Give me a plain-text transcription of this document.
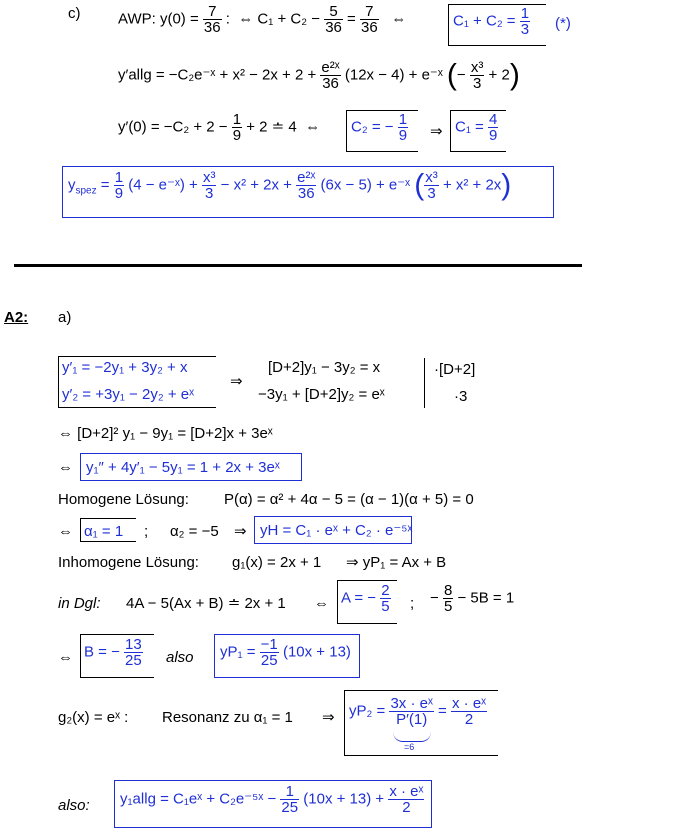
c)	AWP: $y(0) = \frac{7}{36}$ : ⇔ $C_1 + C_2 - \frac{5}{36} = \frac{7}{36}$ ⇔	$C_1 + C_2 = \frac{1}{3}$ (*)
y′allg = −C₂e⁻ˣ + $x^2 - 2x + 2 + \frac{\text{e²ˣ}}{36} (12x - 4)$ + e⁻ˣ (− $\frac{\text{x³}}{3} + 2$)
$y'(0) = -C_2 + 2 - \frac{1}{9} + 2$ ≐ 4 ⇔ C₂ = − $\frac{1}{9}$ ⇒ $C_1 = \frac{4}{9}$
$y_{spez} = \frac{1}{9} (4$ − e⁻ˣ) + $\frac{\text{x³}}{3} - x^2 + 2x + \frac{\text{e²ˣ}}{36} (6x - 5)$ + e⁻ˣ ( $\frac{\text{x³}}{3} + x^2 + 2x$)
A2: a)
y′₁ = −2y₁ + 3y₂ + x
y′₂ = +3y₁ − 2y₂ + eˣ
⇒
[D+2]y₁ − 3y₂ = x
−3y₁ + [D+2]y₂ = eˣ
·[D+2]
·3
⇔ [D+2]² y₁ − 9y₁ = [D+2]x + 3eˣ
⇔ y₁″ + 4y′₁ − 5y₁ = 1 + 2x + 3eˣ
Homogene Lösung: P(α) = α² + 4α − 5 = (α − 1)(α + 5) = 0
⇔ α₁ = 1 ; α₂ = −5 ⇒ yH = C₁ · eˣ + C₂ · e⁻⁵ˣ
Inhomogene Lösung: g₁(x) = 2x + 1 ⇒ yP₁ = Ax + B
in Dgl: 4A − 5(Ax + B) ≐ 2x + 1 ⇔ A = − $\frac{2}{5}$ ; − $\frac{8}{5} - 5B = 1$
⇔ B = − $\frac{13}{25}$ also $yP_1 = \frac{-1}{25} (10x + 13)$
g₂(x) = eˣ : Resonanz zu α₁ = 1 ⇒ $yP_2 = \frac{\text{3x · eˣ}}{P'(1)} = \frac{\text{x · eˣ}}{2}$
=6
also: y₁allg = C₁eˣ + C₂e⁻⁵ˣ − $\frac{1}{25} (10x + 13) + \frac{\text{x · eˣ}}{2}$
